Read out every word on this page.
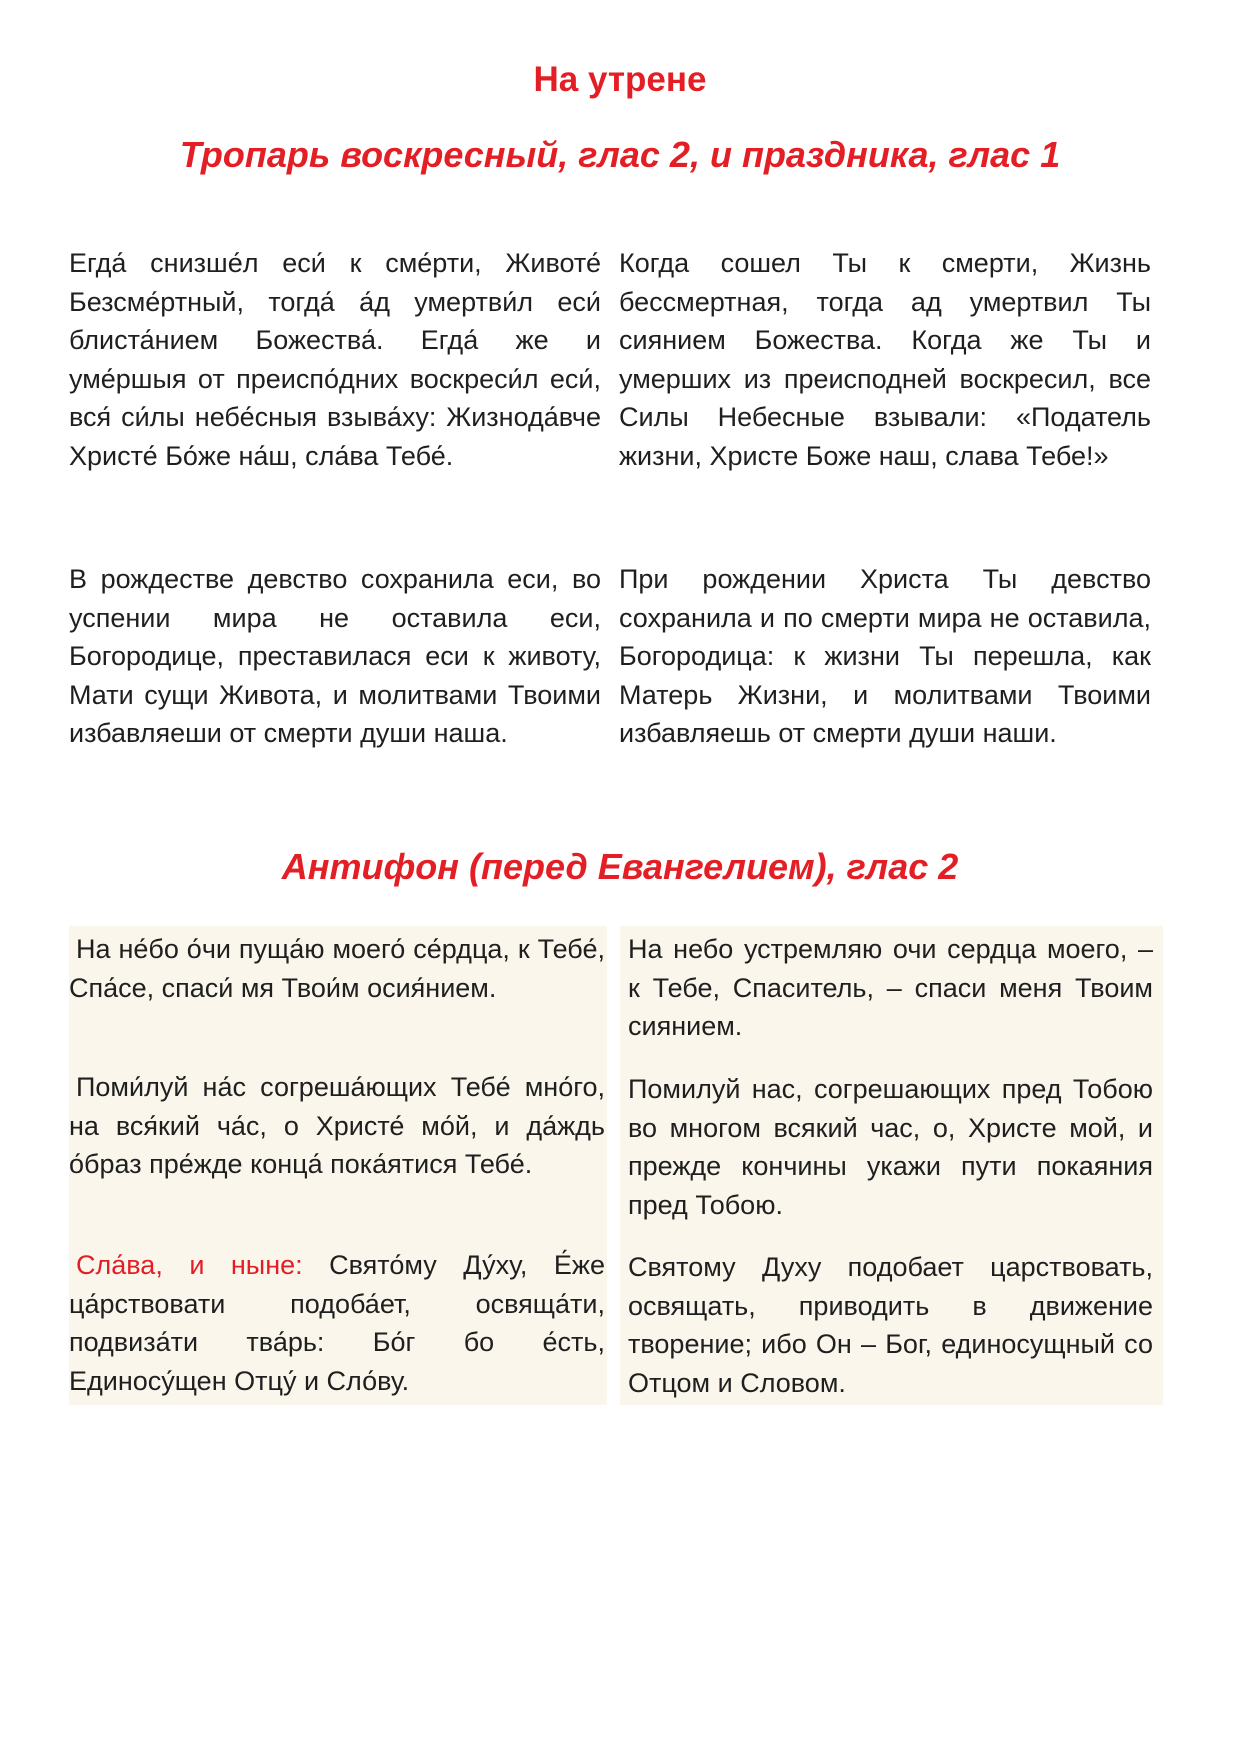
На утрене
Тропарь воскресный, глас 2, и праздника, глас 1

Егда́ снизше́л еси́ к сме́рти, Животе́ Безсме́ртный, тогда́ а́д умертви́л еси́ блиста́нием Божества́. Егда́ же и уме́ршыя от преиспо́дних воскреси́л еси́, вся́ си́лы небе́сныя взыва́ху: Жизнода́вче Христе́ Бо́же на́ш, сла́ва Тебе́.

Когда сошел Ты к смерти, Жизнь бессмертная, тогда ад умертвил Ты сиянием Божества. Когда же Ты и умерших из преисподней воскресил, все Силы Небесные взывали: «Податель жизни, Христе Боже наш, слава Тебе!»

В рождестве девство сохранила еси, во успении мира не оставила еси, Богородице, преставилася еси к животу, Мати сущи Живота, и молитвами Твоими избавляеши от смерти души наша.

При рождении Христа Ты девство сохранила и по смерти мира не оставила, Богородица: к жизни Ты перешла, как Матерь Жизни, и молитвами Твоими избавляешь от смерти души наши.

Антифон (перед Евангелием), глас 2

На не́бо о́чи пуща́ю моего́ се́рдца, к Тебе́, Спа́се, спаси́ мя Твои́м осия́нием.

На небо устремляю очи сердца моего, – к Тебе, Спаситель, – спаси меня Твоим сиянием.

Поми́луй на́с согреша́ющих Тебе́ мно́го, на вся́кий ча́с, о Христе́ мо́й, и да́ждь о́браз пре́жде конца́ пока́ятися Тебе́.

Помилуй нас, согрешающих пред Тобою во многом всякий час, о, Христе мой, и прежде кончины укажи пути покаяния пред Тобою.

Сла́ва, и ныне: Свято́му Ду́ху, Е́же ца́рствовати подоба́ет, освяща́ти, подвиза́ти тва́рь: Бо́г бо е́сть, Единосу́щен Отцу́ и Сло́ву.

Святому Духу подобает царствовать, освящать, приводить в движение творение; ибо Он – Бог, единосущный со Отцом и Словом.
